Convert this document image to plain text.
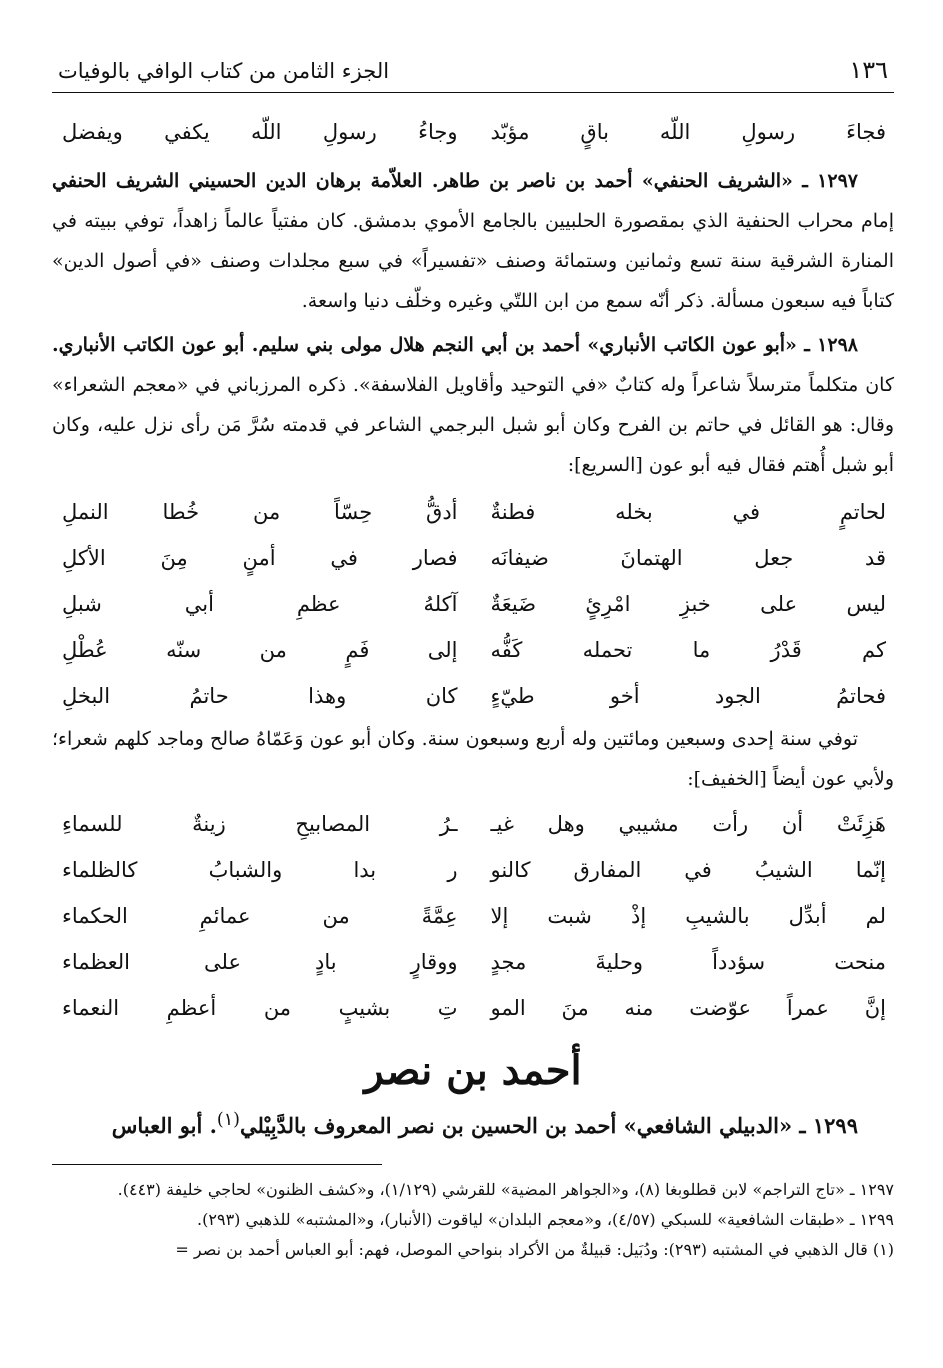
١٣٦
الجزء الثامن من كتاب الوافي بالوفيات
فجاءَ رسولِ اللّه باقٍ مؤبّد
وجاءُ رسولِ اللّه يكفي ويفضل

١٢٩٧ ـ «الشريف الحنفي» أحمد بن ناصر بن طاهر. العلاّمة برهان الدين الحسيني الشريف الحنفي إمام محراب الحنفية الذي بمقصورة الحلبيين بالجامع الأموي بدمشق. كان مفتياً عالماً زاهداً، توفي ببيته في المنارة الشرقية سنة تسع وثمانين وستمائة وصنف «تفسيراً» في سبع مجلدات وصنف «في أصول الدين» كتاباً فيه سبعون مسألة. ذكر أنّه سمع من ابن اللتّي وغيره وخلّف دنيا واسعة.

١٢٩٨ ـ «أبو عون الكاتب الأنباري» أحمد بن أبي النجم هلال مولى بني سليم. أبو عون الكاتب الأنباري. كان متكلماً مترسلاً شاعراً وله كتابٌ «في التوحيد وأقاويل الفلاسفة». ذكره المرزباني في «معجم الشعراء» وقال: هو القائل في حاتم بن الفرح وكان أبو شبل البرجمي الشاعر في قدمته سُرَّ مَن رأى نزل عليه، وكان أبو شبل أُهتم فقال فيه أبو عون [السريع]:

لحاتمٍ في بخله فطنةٌ
أدقُّ حِسّاً من خُطا النملِ
قد جعل الهتمانَ ضيفانَه
فصار في أمنٍ مِنَ الأكلِ
ليس على خبزِ امْرِئٍ ضَيعَةٌ
آكلهُ عظمِ أبي شبلِ
كم قَدْرُ ما تحمله كَفُّه
إلى فَمٍ من سنّه عُطْلِ
فحاتمُ الجود أخو طيّءٍ
كان وهذا حاتمُ البخلِ

توفي سنة إحدى وسبعين ومائتين وله أربع وسبعون سنة. وكان أبو عون وَعَمّاهُ صالح وماجد كلهم شعراء؛ ولأبي عون أيضاً [الخفيف]:

هَزِئَتْ أن رأت مشيبي وهل غيـ
ـرُ المصابيحِ زينةٌ للسماءِ
إنّما الشيبُ في المفارق كالنو
ر بدا والشبابُ كالظلماء
لم أبدِّل بالشيبِ إذْ شبت إلا
عِمَّةً من عمائمِ الحكماء
منحت سؤدداً وحليةَ مجدٍ
ووقارٍ بادٍ على العظماء
إنَّ عمراً عوّضت منه منَ المو
تِ بشيبٍ من أعظمِ النعماء
أحمد بن نصر

١٢٩٩ ـ «الدبيلي الشافعي» أحمد بن الحسين بن نصر المعروف بالدَّبِيْلي$^{(١)}$. أبو العباس

١٢٩٧ ـ «تاج التراجم» لابن قطلوبغا (٨)، و«الجواهر المضية» للقرشي (١/١٢٩)، و«كشف الظنون» لحاجي خليفة (٤٤٣).

١٢٩٩ ـ «طبقات الشافعية» للسبكي (٤/٥٧)، و«معجم البلدان» لياقوت (الأنبار)، و«المشتبه» للذهبي (٢٩٣).

(١) قال الذهبي في المشتبه (٢٩٣): ودُبَيل: قبيلةٌ من الأكراد بنواحي الموصل، فهم: أبو العباس أحمد بن نصر =
